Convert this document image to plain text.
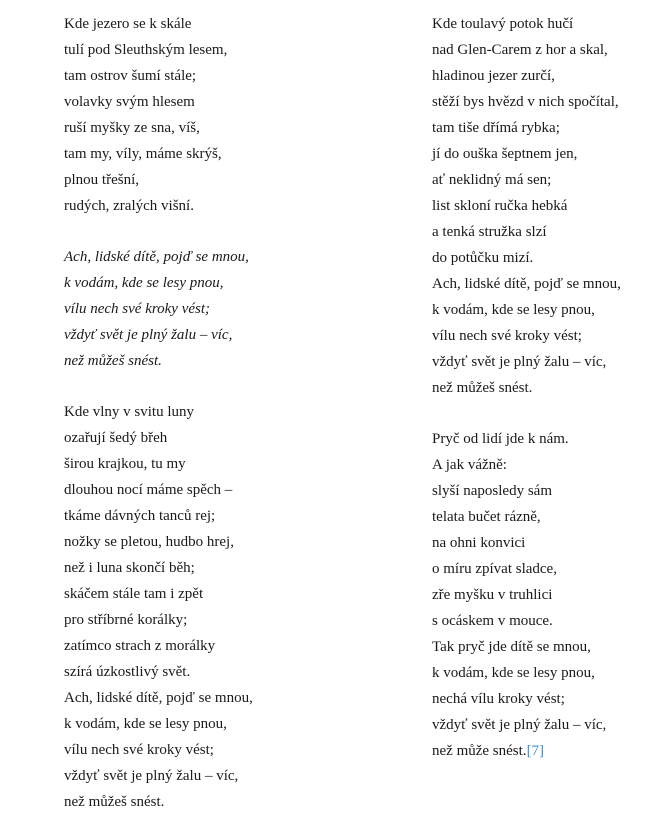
Kde jezero se k skále
tulí pod Sleuthským lesem,
tam ostrov šumí stále;
volavky svým hlesem
ruší myšky ze sna, víš,
tam my, víly, máme skrýš,
plnou třešní,
rudých, zralých višní.
Ach, lidské dítě, pojď se mnou,
k vodám, kde se lesy pnou,
vílu nech své kroky vést;
vždyť svět je plný žalu – víc,
než můžeš snést.
Kde vlny v svitu luny
ozařují šedý břeh
širou krajkou, tu my
dlouhou nocí máme spěch –
tkáme dávných tanců rej;
nožky se pletou, hudbo hrej,
než i luna skončí běh;
skáčem stále tam i zpět
pro stříbrné korálky;
zatímco strach z morálky
szírá úzkostlivý svět.
Ach, lidské dítě, pojď se mnou,
k vodám, kde se lesy pnou,
vílu nech své kroky vést;
vždyť svět je plný žalu – víc,
než můžeš snést.
Kde toulavý potok hučí
nad Glen-Carem z hor a skal,
hladinou jezer zurčí,
stěží bys hvězd v nich spočítal,
tam tiše dřímá rybka;
jí do ouška šeptnem jen,
ať neklidný má sen;
list skloní ručka hebká
a tenká stružka slzí
do potůčku mizí.
Ach, lidské dítě, pojď se mnou,
k vodám, kde se lesy pnou,
vílu nech své kroky vést;
vždyť svět je plný žalu – víc,
než můžeš snést.
Pryč od lidí jde k nám.
A jak vážně:
slyší naposledy sám
telata bučet rázně,
na ohni konvici
o míru zpívat sladce,
zře myšku v truhlici
s ocáskem v mouce.
Tak pryč jde dítě se mnou,
k vodám, kde se lesy pnou,
nechá vílu kroky vést;
vždyť svět je plný žalu – víc,
než může snést.[7]
